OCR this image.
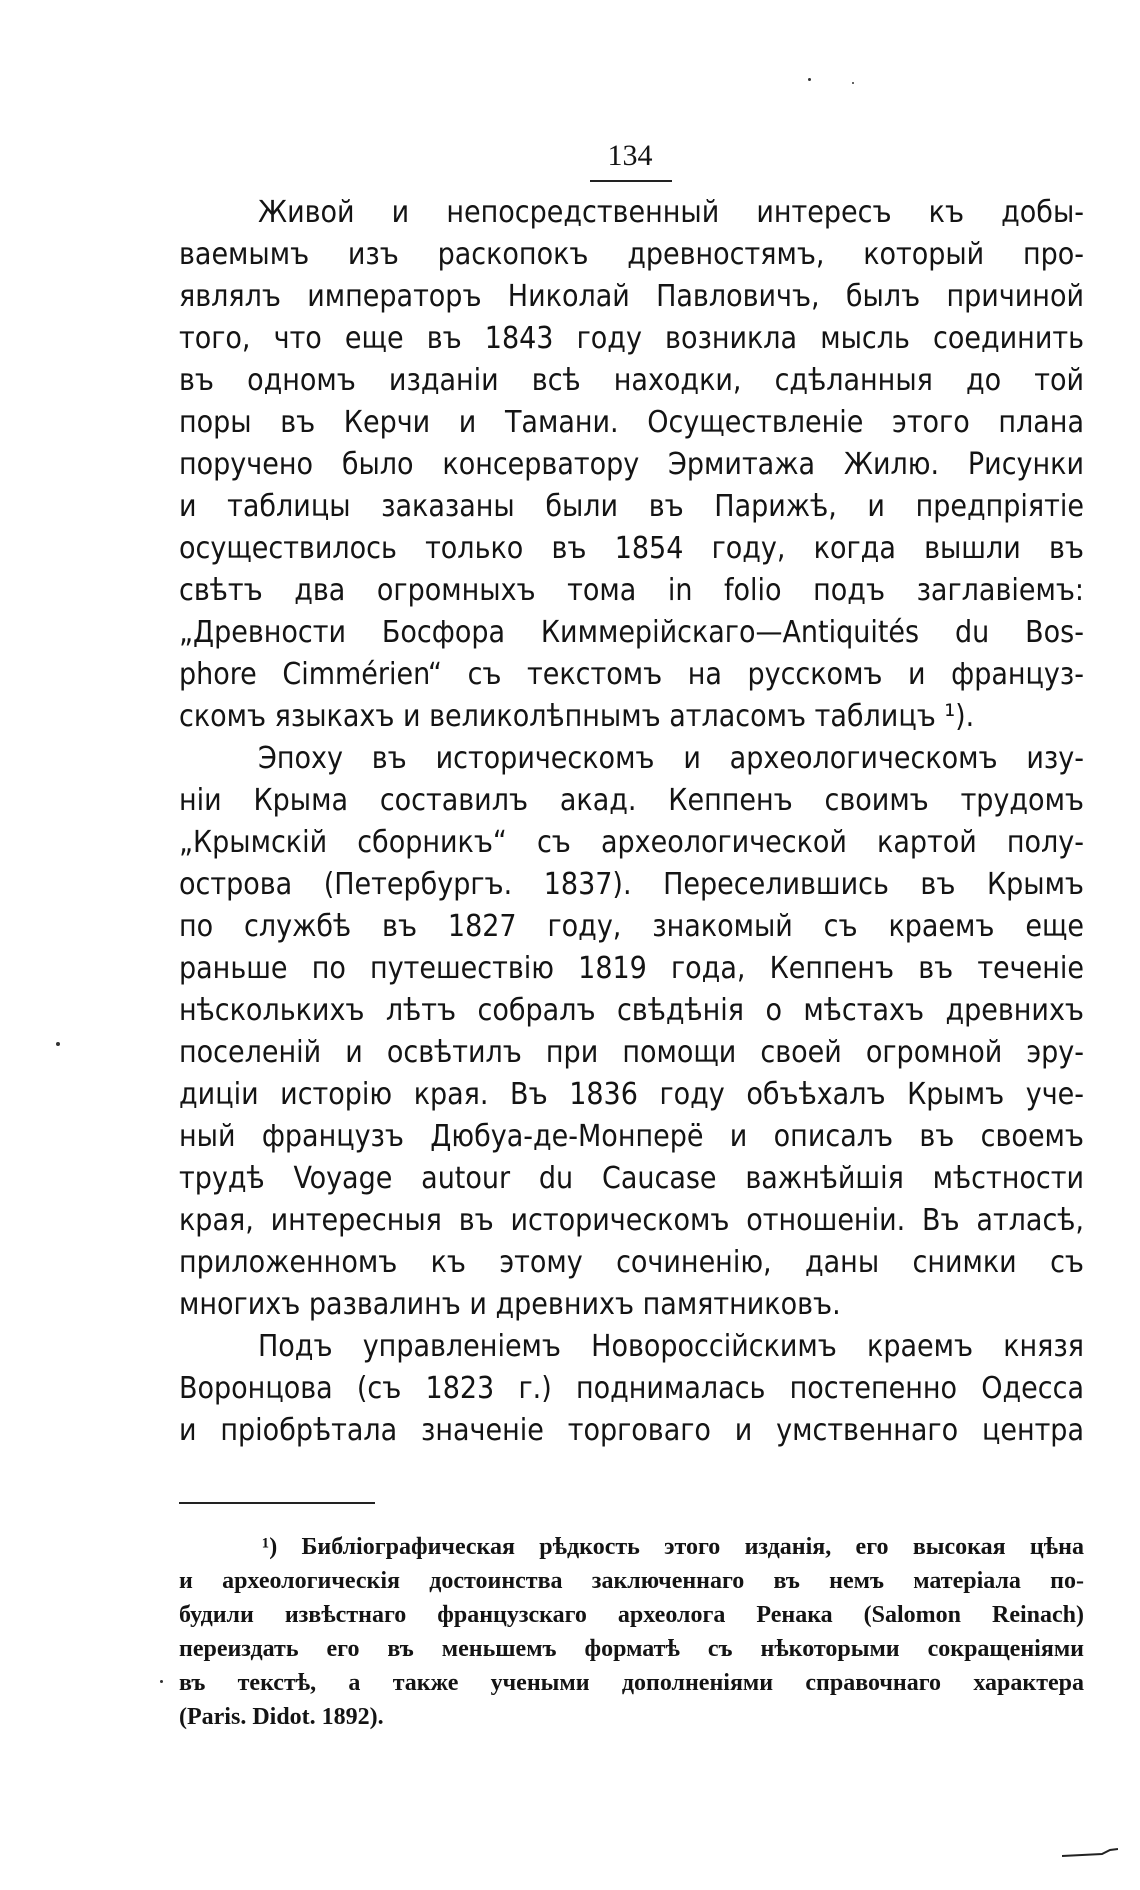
134
Живой и непосредственный интересъ къ добы-
ваемымъ изъ раскопокъ древностямъ, который про-
являлъ императоръ Николай Павловичъ, былъ причиной
того, что еще въ 1843 году возникла мысль соединить
въ одномъ изданіи всѣ находки, сдѣланныя до той
поры въ Керчи и Тамани. Осуществленіе этого плана
поручено было консерватору Эрмитажа Жилю. Рисунки
и таблицы заказаны были въ Парижѣ, и предпріятіе
осуществилось только въ 1854 году, когда вышли въ
свѣтъ два огромныхъ тома in folio подъ заглавіемъ:
„Древности Босфора Киммерійскаго—Antiquités du Bos-
phore Cimmérien“ съ текстомъ на русскомъ и француз-
скомъ языкахъ и великолѣпнымъ атласомъ таблицъ ¹).
Эпоху въ историческомъ и археологическомъ изу-
ніи Крыма составилъ акад. Кеппенъ своимъ трудомъ
„Крымскій сборникъ“ съ археологической картой полу-
острова (Петербургъ. 1837). Переселившись въ Крымъ
по службѣ въ 1827 году, знакомый съ краемъ еще
раньше по путешествію 1819 года, Кеппенъ въ теченіе
нѣсколькихъ лѣтъ собралъ свѣдѣнія о мѣстахъ древнихъ
поселеній и освѣтилъ при помощи своей огромной эру-
диціи исторію края. Въ 1836 году объѣхалъ Крымъ уче-
ный французъ Дюбуа-де-Монперё и описалъ въ своемъ
трудѣ Voyage autour du Caucase важнѣйшія мѣстности
края, интересныя въ историческомъ отношеніи. Въ атласѣ,
приложенномъ къ этому сочиненію, даны снимки съ
многихъ развалинъ и древнихъ памятниковъ.
Подъ управленіемъ Новороссійскимъ краемъ князя
Воронцова (съ 1823 г.) поднималась постепенно Одесса
и пріобрѣтала значеніе торговаго и умственнаго центра
¹) Библіографическая рѣдкость этого изданія, его высокая цѣна
и археологическія достоинства заключеннаго въ немъ матеріала по-
будили извѣстнаго французскаго археолога Ренака (Salomon Reinach)
переиздать его въ меньшемъ форматѣ съ нѣкоторыми сокращеніями
въ текстѣ, а также учеными дополненіями справочнаго характера
(Paris. Didot. 1892).
